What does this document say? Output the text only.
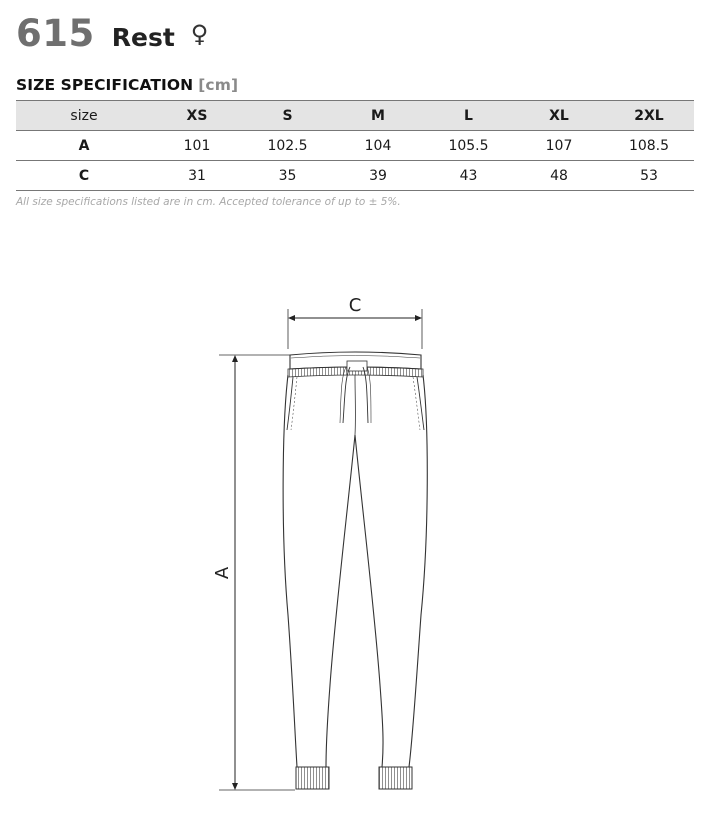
615 Rest ♀
SIZE SPECIFICATION [cm]
size	XS	S	M	L	XL	2XL
A	101	102.5	104	105.5	107	108.5
C	31	35	39	43	48	53
All size specifications listed are in cm. Accepted tolerance of up to ± 5%.
C
A
